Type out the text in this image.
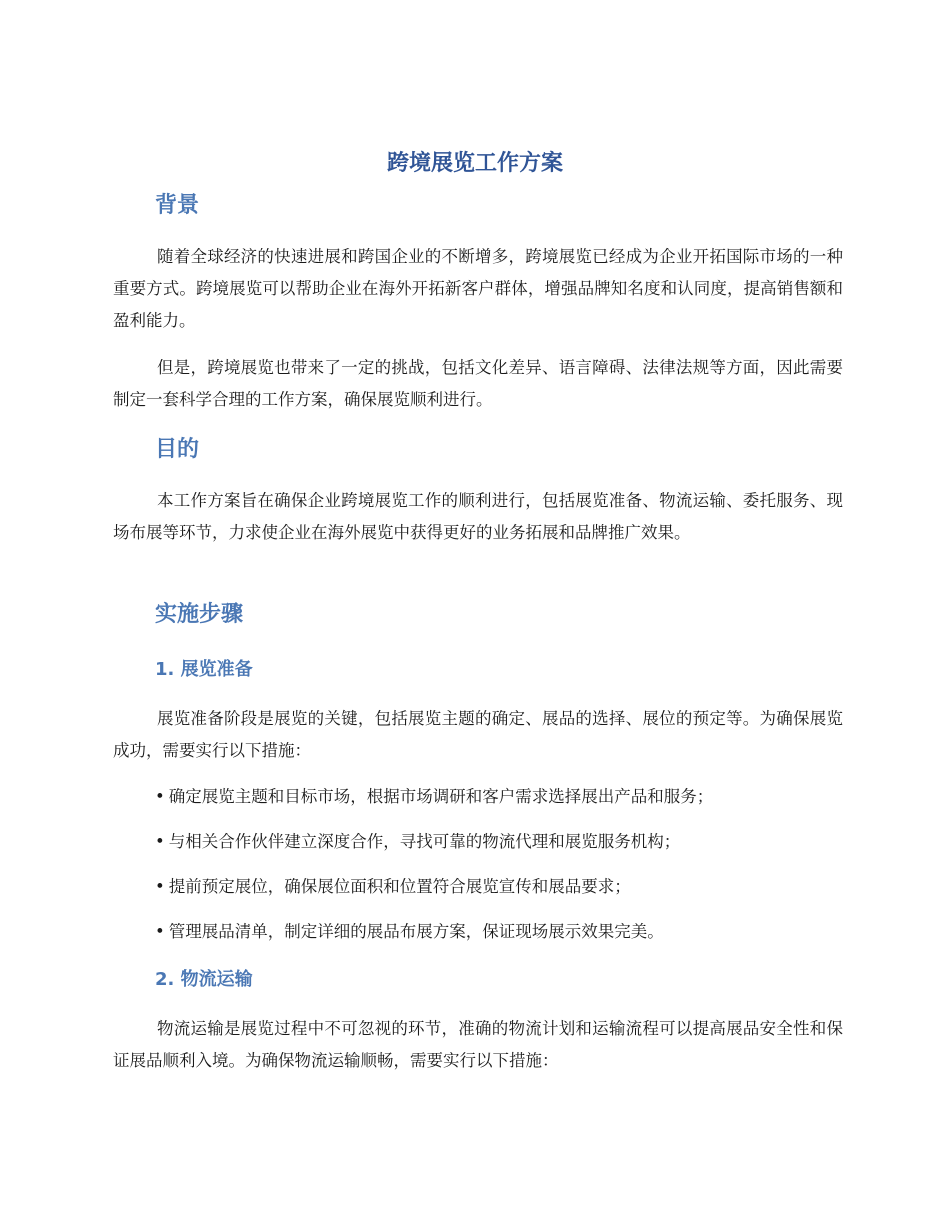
跨境展览工作方案
背景

随着全球经济的快速进展和跨国企业的不断增多，跨境展览已经成为企业开拓国际市场的一种重要方式。跨境展览可以帮助企业在海外开拓新客户群体，增强品牌知名度和认同度，提高销售额和盈利能力。

但是，跨境展览也带来了一定的挑战，包括文化差异、语言障碍、法律法规等方面，因此需要制定一套科学合理的工作方案，确保展览顺利进行。

目的

本工作方案旨在确保企业跨境展览工作的顺利进行，包括展览准备、物流运输、委托服务、现场布展等环节，力求使企业在海外展览中获得更好的业务拓展和品牌推广效果。

实施步骤
1. 展览准备

展览准备阶段是展览的关键，包括展览主题的确定、展品的选择、展位的预定等。为确保展览成功，需要实行以下措施：

• 确定展览主题和目标市场，根据市场调研和客户需求选择展出产品和服务；

• 与相关合作伙伴建立深度合作，寻找可靠的物流代理和展览服务机构；

• 提前预定展位，确保展位面积和位置符合展览宣传和展品要求；

• 管理展品清单，制定详细的展品布展方案，保证现场展示效果完美。

2. 物流运输

物流运输是展览过程中不可忽视的环节，准确的物流计划和运输流程可以提高展品安全性和保证展品顺利入境。为确保物流运输顺畅，需要实行以下措施：
